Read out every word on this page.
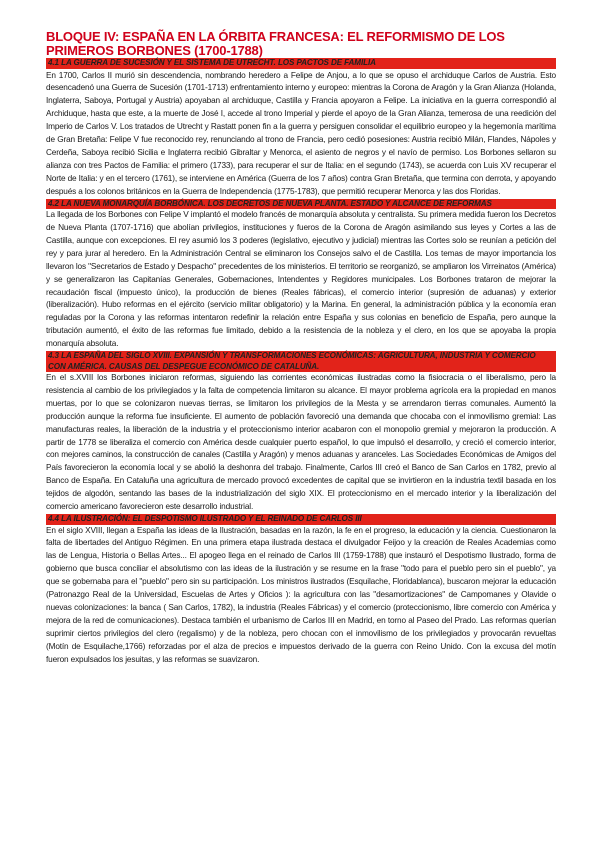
BLOQUE IV: ESPAÑA EN LA ÓRBITA FRANCESA: EL REFORMISMO DE LOS PRIMEROS BORBONES (1700-1788)
4.1 LA GUERRA DE SUCESIÓN Y EL SISTEMA DE UTRECHT. LOS PACTOS DE FAMILIA

En 1700, Carlos II murió sin descendencia, nombrando heredero a Felipe de Anjou, a lo que se opuso el archiduque Carlos de Austria. Esto desencadenó una Guerra de Sucesión (1701-1713) enfrentamiento interno y europeo: mientras la Corona de Aragón y la Gran Alianza (Holanda, Inglaterra, Saboya, Portugal y Austria) apoyaban al archiduque, Castilla y Francia apoyaron a Felipe. La iniciativa en la guerra correspondió al Archiduque, hasta que este, a la muerte de José I, accede al trono Imperial y pierde el apoyo de la Gran Alianza, temerosa de una reedición del Imperio de Carlos V. Los tratados de Utrecht y Rastatt ponen fin a la guerra y persiguen consolidar el equilibrio europeo y la hegemonía marítima de Gran Bretaña: Felipe V fue reconocido rey, renunciando al trono de Francia, pero cedió posesiones: Austria recibió Milán, Flandes, Nápoles y Cerdeña, Saboya recibió Sicilia e Inglaterra recibió Gibraltar y Menorca, el asiento de negros y el navío de permiso. Los Borbones sellaron su alianza con tres Pactos de Familia: el primero (1733), para recuperar el sur de Italia: en el segundo (1743), se acuerda con Luis XV recuperar el Norte de Italia: y en el tercero (1761), se interviene en América (Guerra de los 7 años) contra Gran Bretaña, que termina con derrota, y apoyando después a los colonos británicos en la Guerra de Independencia (1775-1783), que permitió recuperar Menorca y las dos Floridas.

4.2 LA NUEVA MONARQUÍA BORBÓNICA. LOS DECRETOS DE NUEVA PLANTA. ESTADO Y ALCANCE DE REFORMAS

La llegada de los Borbones con Felipe V implantó el modelo francés de monarquía absoluta y centralista. Su primera medida fueron los Decretos de Nueva Planta (1707-1716) que abolían privilegios, instituciones y fueros de la Corona de Aragón asimilando sus leyes y Cortes a las de Castilla, aunque con excepciones. El rey asumió los 3 poderes (legislativo, ejecutivo y judicial) mientras las Cortes solo se reunían a petición del rey y para jurar al heredero. En la Administración Central se eliminaron los Consejos salvo el de Castilla. Los temas de mayor importancia los llevaron los "Secretarios de Estado y Despacho" precedentes de los ministerios. El territorio se reorganizó, se ampliaron los Virreinatos (América) y se generalizaron las Capitanías Generales, Gobernaciones, Intendentes y Regidores municipales. Los Borbones trataron de mejorar la recaudación fiscal (impuesto único), la producción de bienes (Reales fábricas), el comercio interior (supresión de aduanas) y exterior (liberalización). Hubo reformas en el ejército (servicio militar obligatorio) y la Marina. En general, la administración pública y la economía eran reguladas por la Corona y las reformas intentaron redefinir la relación entre España y sus colonias en beneficio de España, pero aunque la tributación aumentó, el éxito de las reformas fue limitado, debido a la resistencia de la nobleza y el clero, en los que se apoyaba la propia monarquía absoluta.

4.3 LA ESPAÑA DEL SIGLO XVIII. EXPANSIÓN Y TRANSFORMACIONES ECONÓMICAS: AGRICULTURA, INDUSTRIA Y COMERCIO CON AMÉRICA. CAUSAS DEL DESPEGUE ECONÓMICO DE CATALUÑA.

En el s.XVIII los Borbones iniciaron reformas, siguiendo las corrientes económicas ilustradas como la fisiocracia o el liberalismo, pero la resistencia al cambio de los privilegiados y la falta de competencia limitaron su alcance. El mayor problema agrícola era la propiedad en manos muertas, por lo que se colonizaron nuevas tierras, se limitaron los privilegios de la Mesta y se arrendaron tierras comunales. Aumentó la producción aunque la reforma fue insuficiente. El aumento de población favoreció una demanda que chocaba con el inmovilismo gremial: Las manufacturas reales, la liberación de la industria y el proteccionismo interior acabaron con el monopolio gremial y mejoraron la producción. A partir de 1778 se liberaliza el comercio con América desde cualquier puerto español, lo que impulsó el desarrollo, y creció el comercio interior, con mejores caminos, la construcción de canales (Castilla y Aragón) y menos aduanas y aranceles. Las Sociedades Económicas de Amigos del País favorecieron la economía local y se abolió la deshonra del trabajo. Finalmente, Carlos III creó el Banco de San Carlos en 1782, previo al Banco de España. En Cataluña una agricultura de mercado provocó excedentes de capital que se invirtieron en la industria textil basada en los tejidos de algodón, sentando las bases de la industrialización del siglo XIX. El proteccionismo en el mercado interior y la liberalización del comercio americano favorecieron este desarrollo industrial.

4.4 LA ILUSTRACIÓN: EL DESPOTISMO ILUSTRADO Y EL REINADO DE CARLOS III

En el siglo XVIII, llegan a España las ideas de la Ilustración, basadas en la razón, la fe en el progreso, la educación y la ciencia. Cuestionaron la falta de libertades del Antiguo Régimen. En una primera etapa ilustrada destaca el divulgador Feijoo y la creación de Reales Academias como las de Lengua, Historia o Bellas Artes... El apogeo llega en el reinado de Carlos III (1759-1788) que instauró el Despotismo Ilustrado, forma de gobierno que busca conciliar el absolutismo con las ideas de la ilustración y se resume en la frase "todo para el pueblo pero sin el pueblo", ya que se gobernaba para el "pueblo" pero sin su participación. Los ministros ilustrados (Esquilache, Floridablanca), buscaron mejorar la educación (Patronazgo Real de la Universidad, Escuelas de Artes y Oficios ): la agricultura con las "desamortizaciones" de Campomanes y Olavide o nuevas colonizaciones: la banca ( San Carlos, 1782), la industria (Reales Fábricas) y el comercio (proteccionismo, libre comercio con América y mejora de la red de comunicaciones). Destaca también el urbanismo de Carlos III en Madrid, en torno al Paseo del Prado. Las reformas querían suprimir ciertos privilegios del clero (regalismo) y de la nobleza, pero chocan con el inmovilismo de los privilegiados y provocarán revueltas (Motín de Esquilache,1766) reforzadas por el alza de precios e impuestos derivado de la guerra con Reino Unido. Con la excusa del motín fueron expulsados los jesuitas, y las reformas se suavizaron.
